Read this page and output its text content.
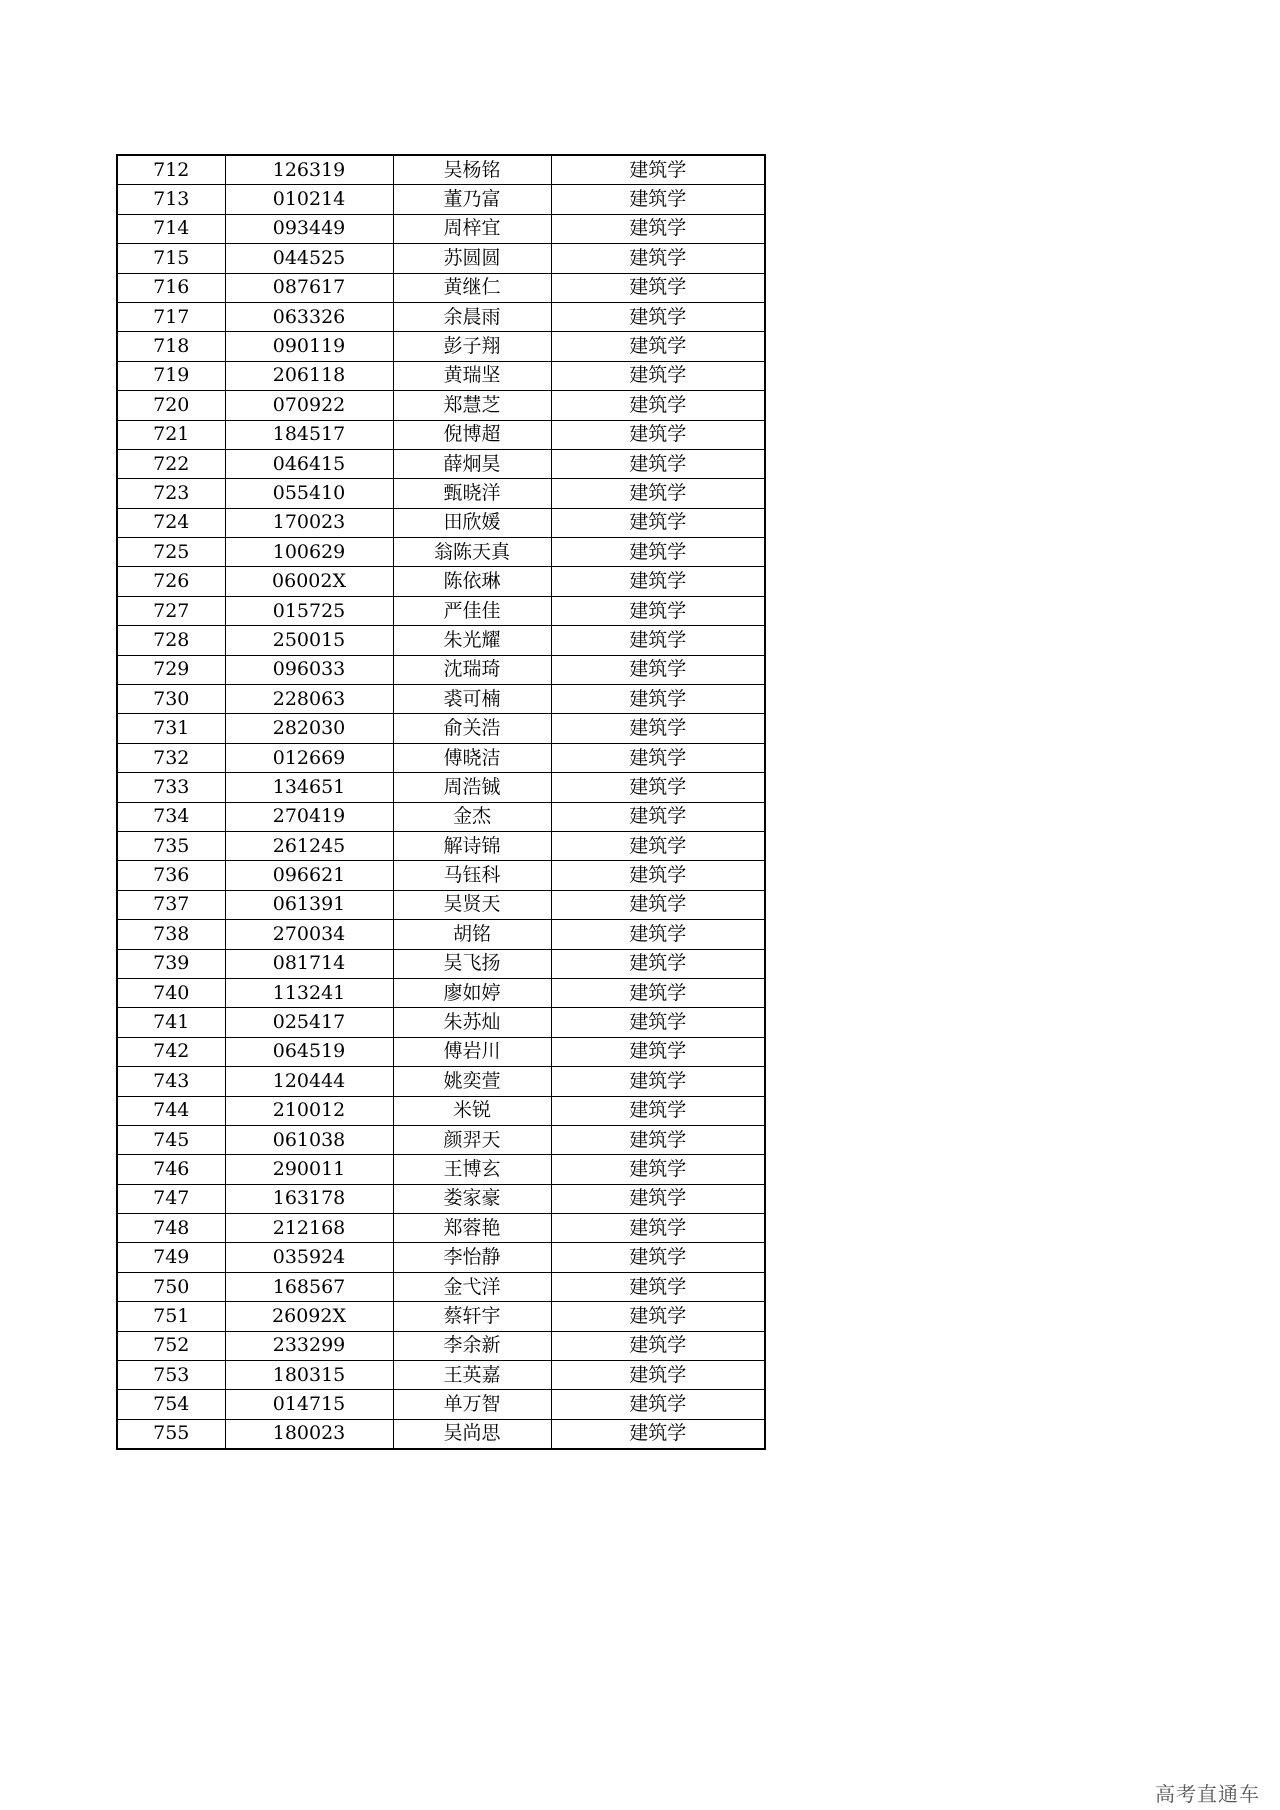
712	126319	吴杨铭	建筑学
713	010214	董乃富	建筑学
714	093449	周梓宜	建筑学
715	044525	苏圆圆	建筑学
716	087617	黄继仁	建筑学
717	063326	余晨雨	建筑学
718	090119	彭子翔	建筑学
719	206118	黄瑞坚	建筑学
720	070922	郑慧芝	建筑学
721	184517	倪博超	建筑学
722	046415	薛炯昊	建筑学
723	055410	甄晓洋	建筑学
724	170023	田欣媛	建筑学
725	100629	翁陈天真	建筑学
726	06002X	陈依琳	建筑学
727	015725	严佳佳	建筑学
728	250015	朱光耀	建筑学
729	096033	沈瑞琦	建筑学
730	228063	裘可楠	建筑学
731	282030	俞关浩	建筑学
732	012669	傅晓洁	建筑学
733	134651	周浩铖	建筑学
734	270419	金杰	建筑学
735	261245	解诗锦	建筑学
736	096621	马钰科	建筑学
737	061391	吴贤天	建筑学
738	270034	胡铭	建筑学
739	081714	吴飞扬	建筑学
740	113241	廖如婷	建筑学
741	025417	朱苏灿	建筑学
742	064519	傅岩川	建筑学
743	120444	姚奕萱	建筑学
744	210012	米锐	建筑学
745	061038	颜羿天	建筑学
746	290011	王博玄	建筑学
747	163178	娄家豪	建筑学
748	212168	郑蓉艳	建筑学
749	035924	李怡静	建筑学
750	168567	金弋洋	建筑学
751	26092X	蔡轩宇	建筑学
752	233299	李余新	建筑学
753	180315	王英嘉	建筑学
754	014715	单万智	建筑学
755	180023	吴尚思	建筑学
高考直通车
